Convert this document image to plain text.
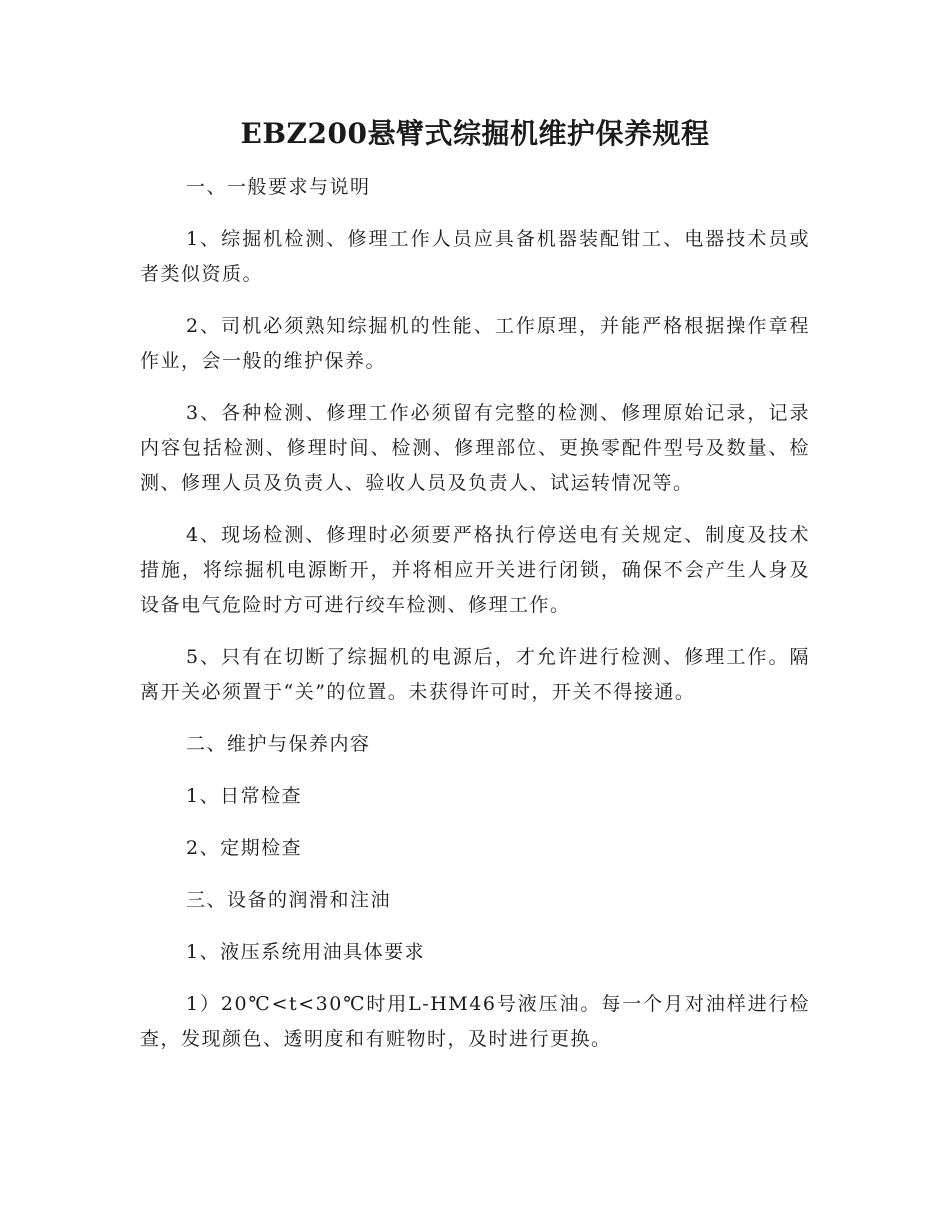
EBZ200悬臂式综掘机维护保养规程

一、一般要求与说明

1、综掘机检测、修理工作人员应具备机器装配钳工、电器技术员或者类似资质。

2、司机必须熟知综掘机的性能、工作原理，并能严格根据操作章程作业，会一般的维护保养。

3、各种检测、修理工作必须留有完整的检测、修理原始记录，记录内容包括检测、修理时间、检测、修理部位、更换零配件型号及数量、检测、修理人员及负责人、验收人员及负责人、试运转情况等。

4、现场检测、修理时必须要严格执行停送电有关规定、制度及技术措施，将综掘机电源断开，并将相应开关进行闭锁，确保不会产生人身及设备电气危险时方可进行绞车检测、修理工作。

5、只有在切断了综掘机的电源后，才允许进行检测、修理工作。隔离开关必须置于“关”的位置。未获得许可时，开关不得接通。

二、维护与保养内容

1、日常检查

2、定期检查

三、设备的润滑和注油

1、液压系统用油具体要求

1）20℃<t<30℃时用L-HM46号液压油。每一个月对油样进行检查，发现颜色、透明度和有赃物时，及时进行更换。
